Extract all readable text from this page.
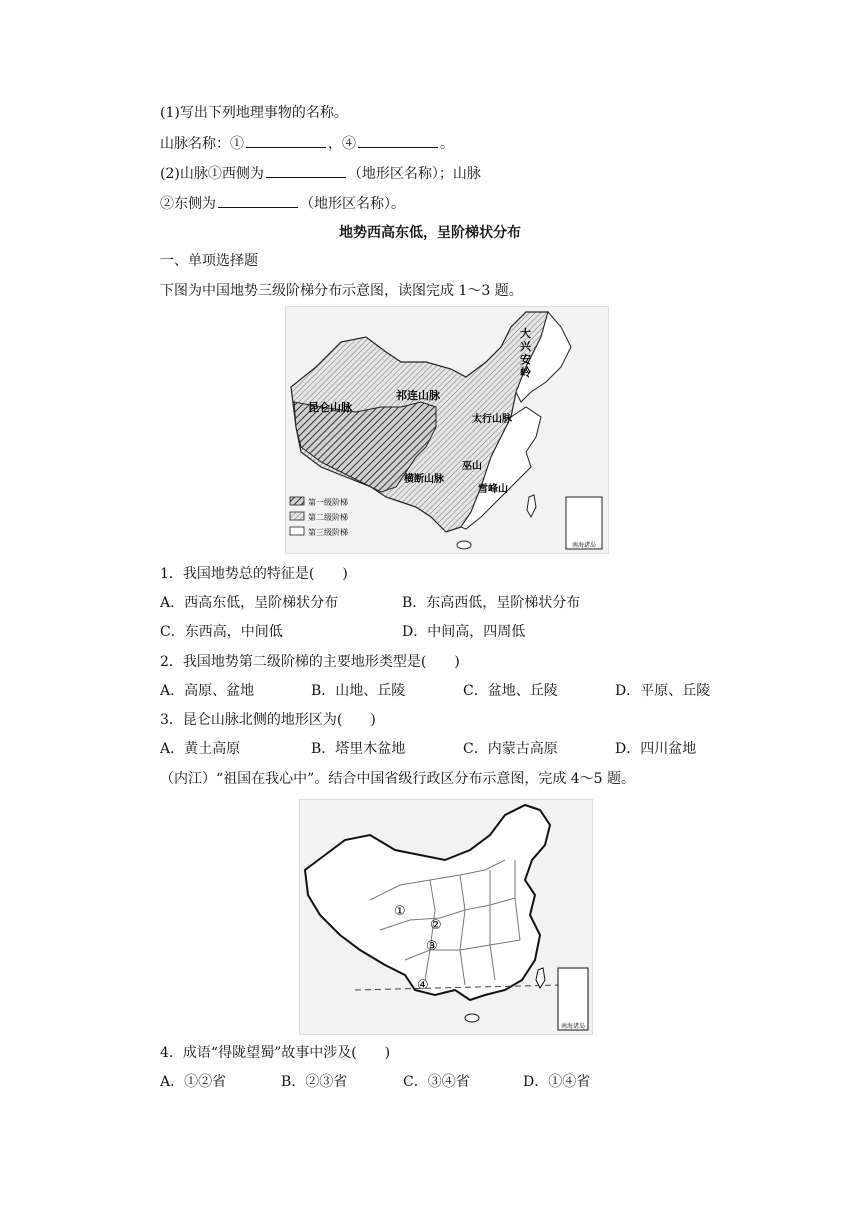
(1)写出下列地理事物的名称。
山脉名称：①	，④	。
(2)山脉①西侧为	（地形区名称）；山脉
②东侧为	（地形区名称）。
地势西高东低，呈阶梯状分布
一、单项选择题
下图为中国地势三级阶梯分布示意图，读图完成 1～3 题。
南海诸岛
大
兴
安
岭
昆仑山脉
祁连山脉
太行山脉
巫山
横断山脉
雪峰山
第一级阶梯
第二级阶梯
第三级阶梯
1．我国地势总的特征是(　　)
A．西高东低，呈阶梯状分布	B．东高西低，呈阶梯状分布
C．东西高，中间低	D．中间高，四周低
2．我国地势第二级阶梯的主要地形类型是(　　)
A．高原、盆地	B．山地、丘陵	C．盆地、丘陵	D．平原、丘陵
3．昆仑山脉北侧的地形区为(　　)
A．黄土高原	B．塔里木盆地	C．内蒙古高原	D．四川盆地
（内江）“祖国在我心中”。结合中国省级行政区分布示意图，完成 4～5 题。
南海诸岛
①
②
③
④
4．成语“得陇望蜀”故事中涉及(　　)
A．①②省	B．②③省	C．③④省	D．①④省
